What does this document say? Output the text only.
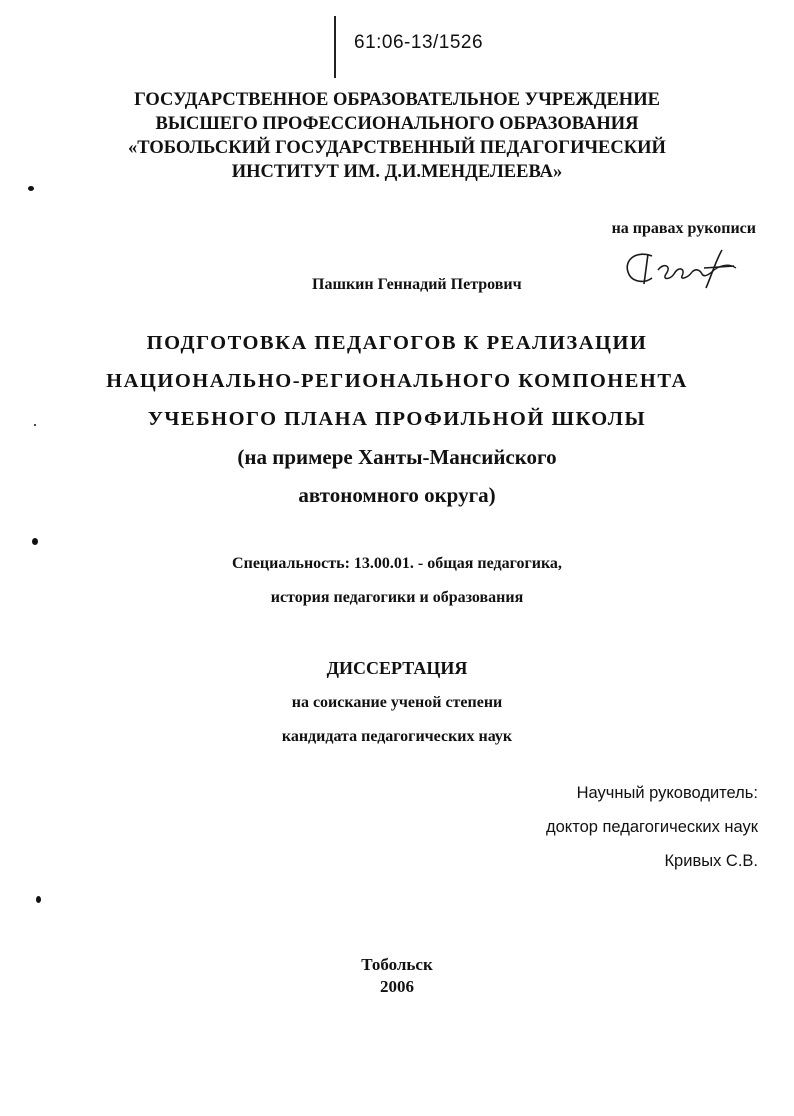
61:06-13/1526
ГОСУДАРСТВЕННОЕ ОБРАЗОВАТЕЛЬНОЕ УЧРЕЖДЕНИЕ
ВЫСШЕГО ПРОФЕССИОНАЛЬНОГО ОБРАЗОВАНИЯ
«ТОБОЛЬСКИЙ ГОСУДАРСТВЕННЫЙ ПЕДАГОГИЧЕСКИЙ
ИНСТИТУТ ИМ. Д.И.МЕНДЕЛЕЕВА»
на правах рукописи
Пашкин Геннадий Петрович
ПОДГОТОВКА ПЕДАГОГОВ К РЕАЛИЗАЦИИ
НАЦИОНАЛЬНО-РЕГИОНАЛЬНОГО КОМПОНЕНТА
УЧЕБНОГО ПЛАНА ПРОФИЛЬНОЙ ШКОЛЫ
(на примере Ханты-Мансийского
автономного округа)
Специальность: 13.00.01. - общая педагогика,
история педагогики и образования
ДИССЕРТАЦИЯ
на соискание ученой степени
кандидата педагогических наук
Научный руководитель:
доктор педагогических наук
Кривых С.В.
Тобольск
2006
